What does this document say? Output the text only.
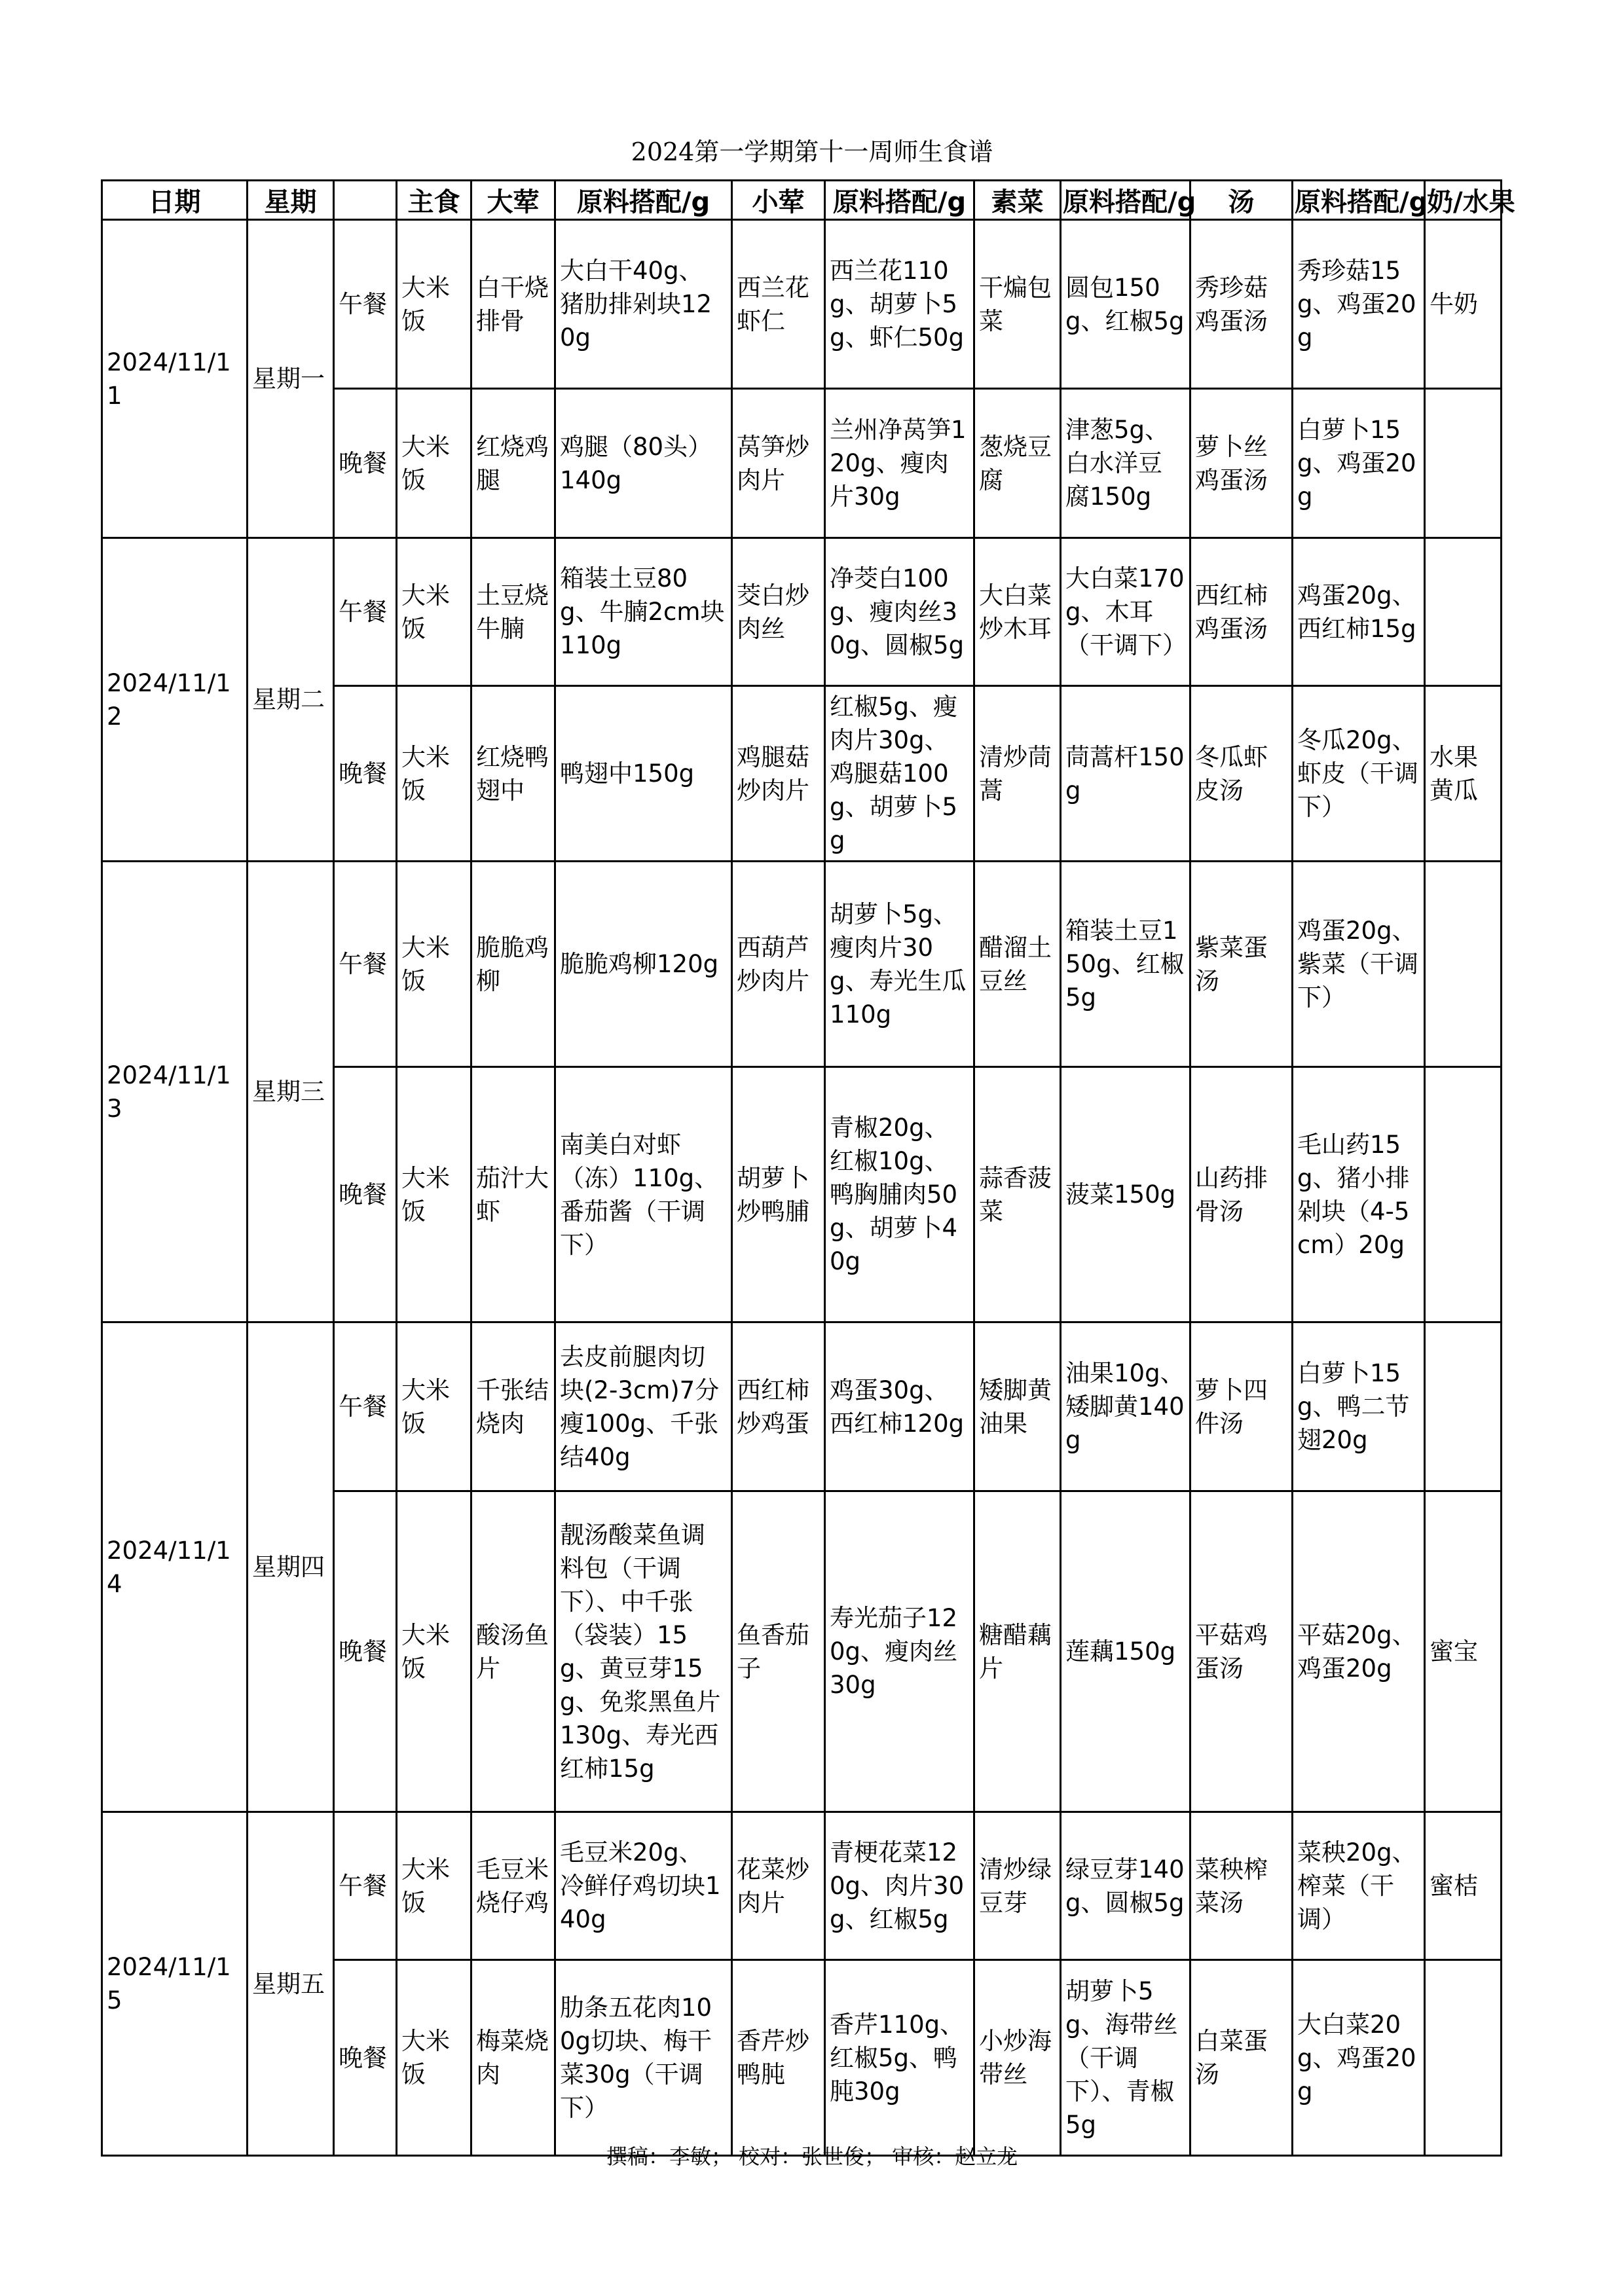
2024第一学期第十一周师生食谱
日期	星期		主食	大荤	原料搭配/g	小荤	原料搭配/g	素菜	原料搭配/g	汤	原料搭配/g	奶/水果
2024/11/11	星期一	午餐	大米饭	白干烧排骨	大白干40g、猪肋排剁块120g	西兰花虾仁	西兰花110g、胡萝卜5g、虾仁50g	干煸包菜	圆包150g、红椒5g	秀珍菇鸡蛋汤	秀珍菇15g、鸡蛋20g	牛奶
		晚餐	大米饭	红烧鸡腿	鸡腿（80头）140g	莴笋炒肉片	兰州净莴笋120g、瘦肉片30g	葱烧豆腐	津葱5g、白水洋豆腐150g	萝卜丝鸡蛋汤	白萝卜15g、鸡蛋20g	
2024/11/12	星期二	午餐	大米饭	土豆烧牛腩	箱装土豆80g、牛腩2cm块110g	茭白炒肉丝	净茭白100g、瘦肉丝30g、圆椒5g	大白菜炒木耳	大白菜170g、木耳（干调下）	西红柿鸡蛋汤	鸡蛋20g、西红柿15g	
		晚餐	大米饭	红烧鸭翅中	鸭翅中150g	鸡腿菇炒肉片	红椒5g、瘦肉片30g、鸡腿菇100g、胡萝卜5g	清炒茼蒿	茼蒿杆150g	冬瓜虾皮汤	冬瓜20g、虾皮（干调下）	水果黄瓜
2024/11/13	星期三	午餐	大米饭	脆脆鸡柳	脆脆鸡柳120g	西葫芦炒肉片	胡萝卜5g、瘦肉片30g、寿光生瓜110g	醋溜土豆丝	箱装土豆150g、红椒5g	紫菜蛋汤	鸡蛋20g、紫菜（干调下）	
		晚餐	大米饭	茄汁大虾	南美白对虾（冻）110g、番茄酱（干调下）	胡萝卜炒鸭脯	青椒20g、红椒10g、鸭胸脯肉50g、胡萝卜40g	蒜香菠菜	菠菜150g	山药排骨汤	毛山药15g、猪小排剁块（4-5cm）20g	
2024/11/14	星期四	午餐	大米饭	千张结烧肉	去皮前腿肉切块(2-3cm)7分瘦100g、千张结40g	西红柿炒鸡蛋	鸡蛋30g、西红柿120g	矮脚黄油果	油果10g、矮脚黄140g	萝卜四件汤	白萝卜15g、鸭二节翅20g	
		晚餐	大米饭	酸汤鱼片	靓汤酸菜鱼调料包（干调下）、中千张（袋装）15g、黄豆芽15g、免浆黑鱼片130g、寿光西红柿15g	鱼香茄子	寿光茄子120g、瘦肉丝30g	糖醋藕片	莲藕150g	平菇鸡蛋汤	平菇20g、鸡蛋20g	蜜宝
2024/11/15	星期五	午餐	大米饭	毛豆米烧仔鸡	毛豆米20g、冷鲜仔鸡切块140g	花菜炒肉片	青梗花菜120g、肉片30g、红椒5g	清炒绿豆芽	绿豆芽140g、圆椒5g	菜秧榨菜汤	菜秧20g、榨菜（干调）	蜜桔
		晚餐	大米饭	梅菜烧肉	肋条五花肉100g切块、梅干菜30g（干调下）	香芹炒鸭肫	香芹110g、红椒5g、鸭肫30g	小炒海带丝	胡萝卜5g、海带丝（干调下）、青椒5g	白菜蛋汤	大白菜20g、鸡蛋20g	
撰稿：李敏； 校对：张世俊； 审核：赵立龙
